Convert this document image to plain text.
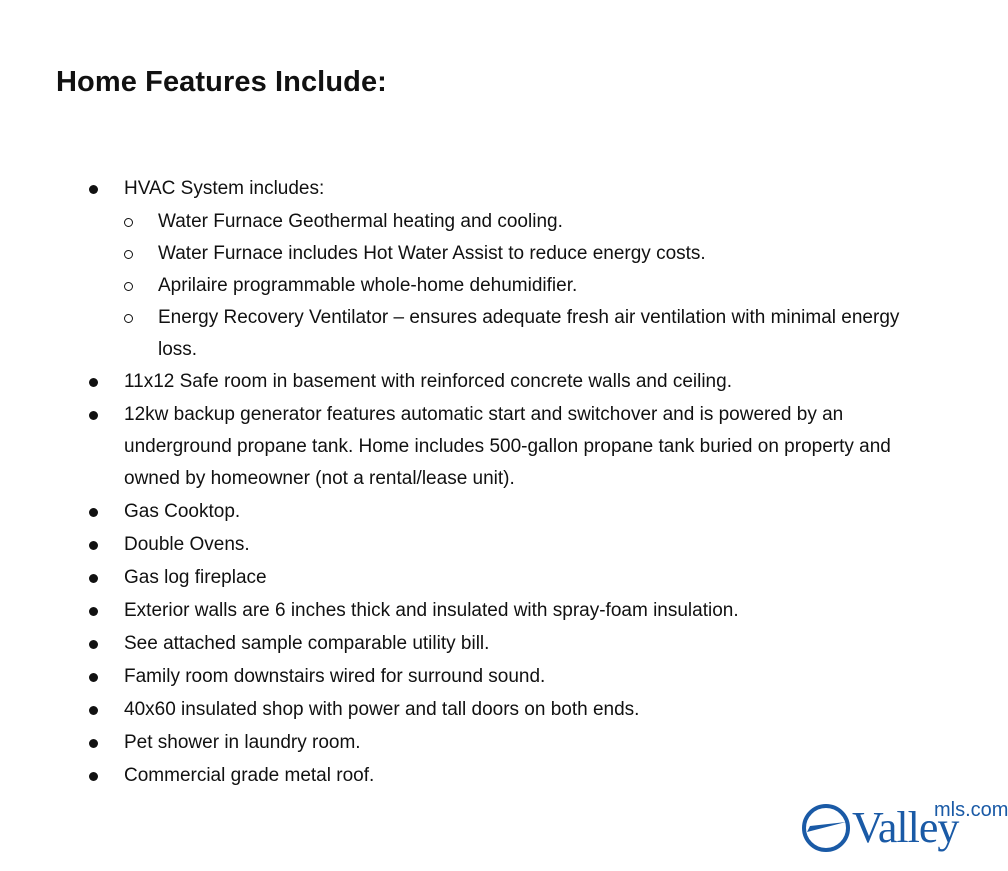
Home Features Include:
HVAC System includes:
Water Furnace Geothermal heating and cooling.
Water Furnace includes Hot Water Assist to reduce energy costs.
Aprilaire programmable whole-home dehumidifier.
Energy Recovery Ventilator – ensures adequate fresh air ventilation with minimal energy loss.
11x12 Safe room in basement with reinforced concrete walls and ceiling.
12kw backup generator features automatic start and switchover and is powered by an underground propane tank. Home includes 500-gallon propane tank buried on property and owned by homeowner (not a rental/lease unit).
Gas Cooktop.
Double Ovens.
Gas log fireplace
Exterior walls are 6 inches thick and insulated with spray-foam insulation.
See attached sample comparable utility bill.
Family room downstairs wired for surround sound.
40x60 insulated shop with power and tall doors on both ends.
Pet shower in laundry room.
Commercial grade metal roof.
Valley
mls.com
